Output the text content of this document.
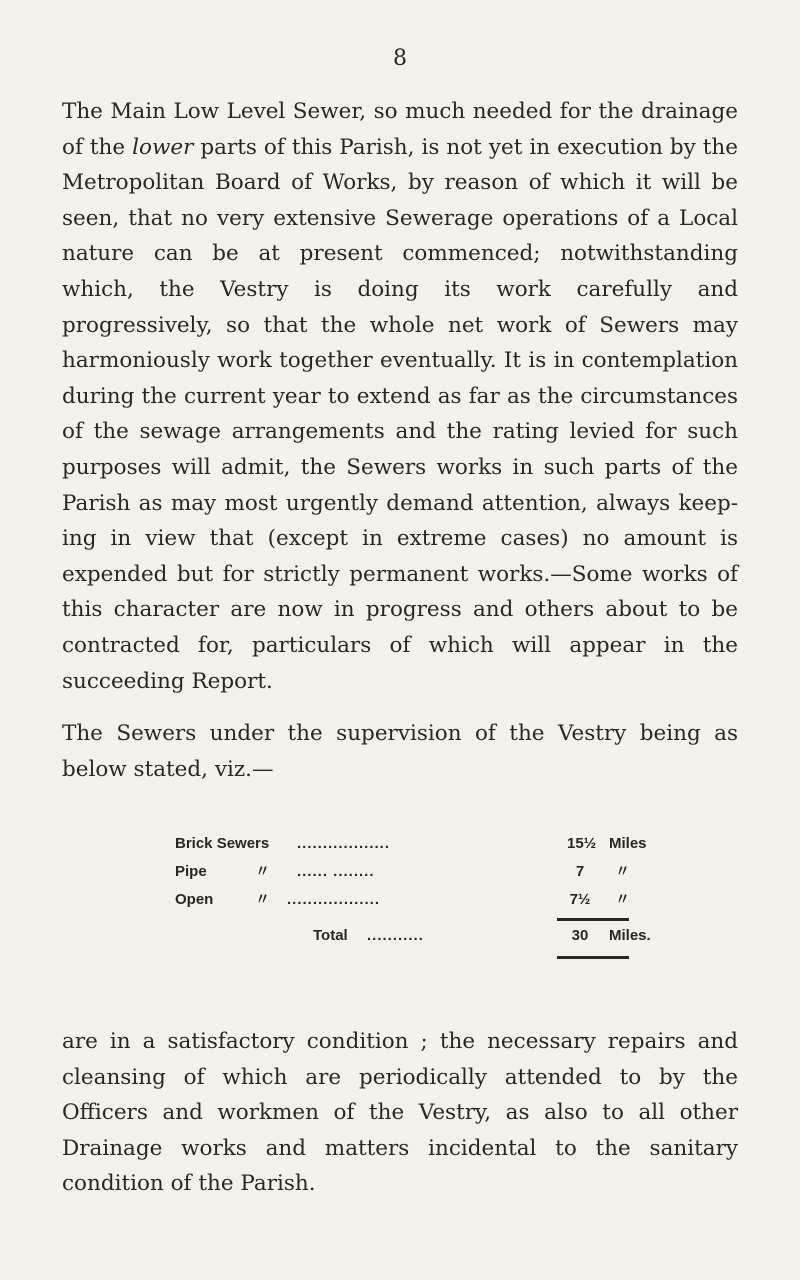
8

The Main Low Level Sewer, so much needed for the drainage of the lower parts of this Parish, is not yet in execution by the Metropolitan Board of Works, by reason of which it will be seen, that no very extensive Sewerage operations of a Local nature can be at present commenced; notwithstanding which, the Vestry is doing its work carefully and progressively, so that the whole net work of Sewers may harmoniously work together eventually. It is in contemplation during the current year to extend as far as the circumstances of the sewage arrangements and the rating levied for such purposes will admit, the Sewers works in such parts of the Parish as may most urgently demand attention, always keeping in view that (except in extreme cases) no amount is expended but for strictly permanent works.—Some works of this character are now in progress and others about to be contracted for, particulars of which will appear in the succeeding Report.

The Sewers under the supervision of the Vestry being as below stated, viz.—

Brick Sewers ..................	15½ Miles
Pipe	〃 ...... ........	7	〃
Open	〃 ..................	7½ 〃
Total ...........	30	Miles.

are in a satisfactory condition ; the necessary repairs and cleansing of which are periodically attended to by the Officers and workmen of the Vestry, as also to all other Drainage works and matters incidental to the sanitary condition of the Parish.
